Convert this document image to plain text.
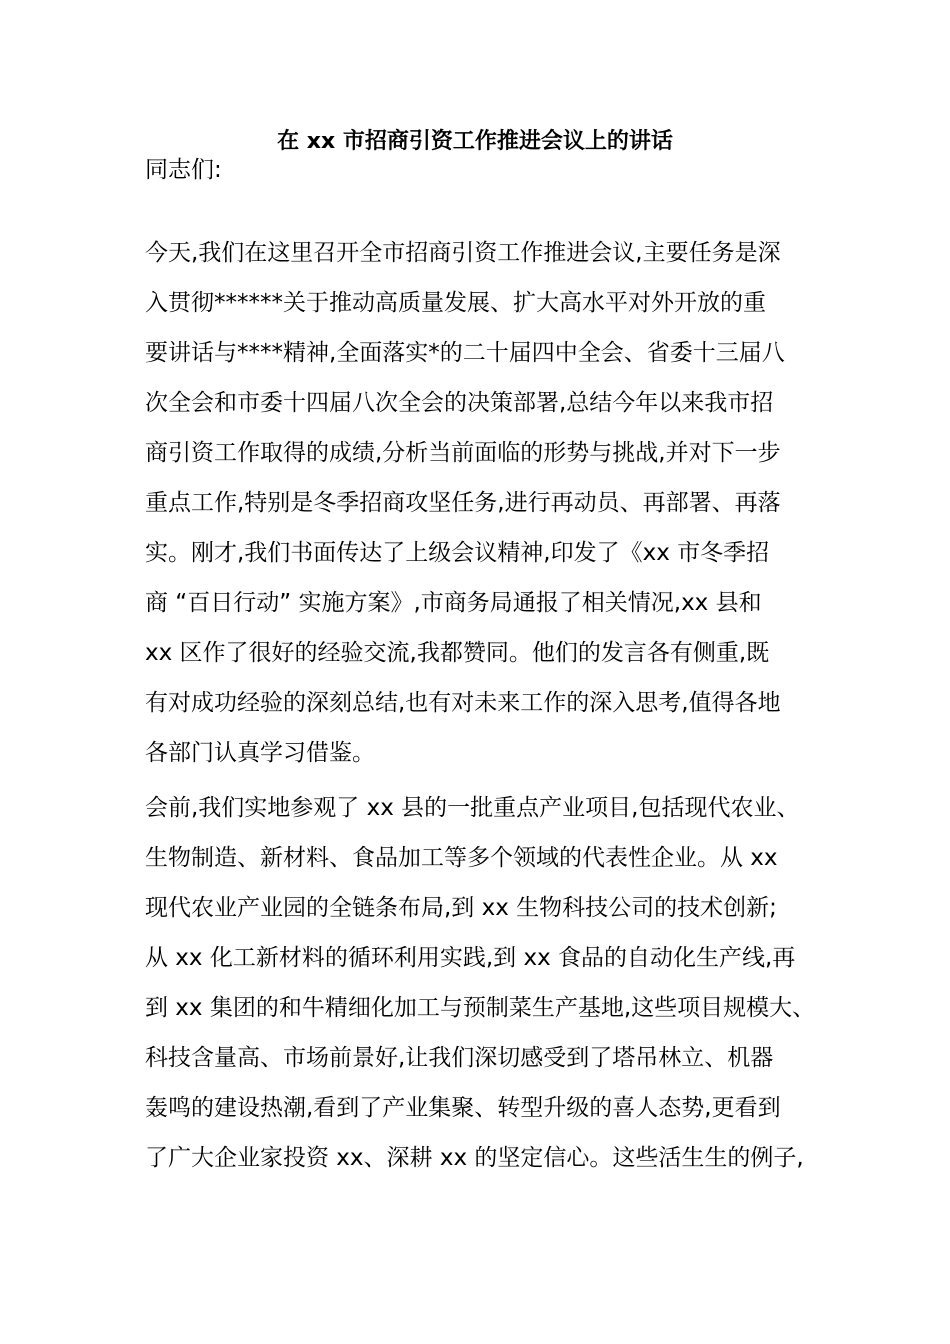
在 xx 市招商引资工作推进会议上的讲话
同志们:
今天,我们在这里召开全市招商引资工作推进会议,主要任务是深
入贯彻******关于推动高质量发展、扩大高水平对外开放的重
要讲话与****精神,全面落实*的二十届四中全会、省委十三届八
次全会和市委十四届八次全会的决策部署,总结今年以来我市招
商引资工作取得的成绩,分析当前面临的形势与挑战,并对下一步
重点工作,特别是冬季招商攻坚任务,进行再动员、再部署、再落
实。刚才,我们书面传达了上级会议精神,印发了《xx 市冬季招
商 “百日行动” 实施方案》,市商务局通报了相关情况,xx 县和
xx 区作了很好的经验交流,我都赞同。他们的发言各有侧重,既
有对成功经验的深刻总结,也有对未来工作的深入思考,值得各地
各部门认真学习借鉴。
会前,我们实地参观了 xx 县的一批重点产业项目,包括现代农业、
生物制造、新材料、食品加工等多个领域的代表性企业。从 xx
现代农业产业园的全链条布局,到 xx 生物科技公司的技术创新;
从 xx 化工新材料的循环利用实践,到 xx 食品的自动化生产线,再
到 xx 集团的和牛精细化加工与预制菜生产基地,这些项目规模大、
科技含量高、市场前景好,让我们深切感受到了塔吊林立、机器
轰鸣的建设热潮,看到了产业集聚、转型升级的喜人态势,更看到
了广大企业家投资 xx、深耕 xx 的坚定信心。这些活生生的例子,
